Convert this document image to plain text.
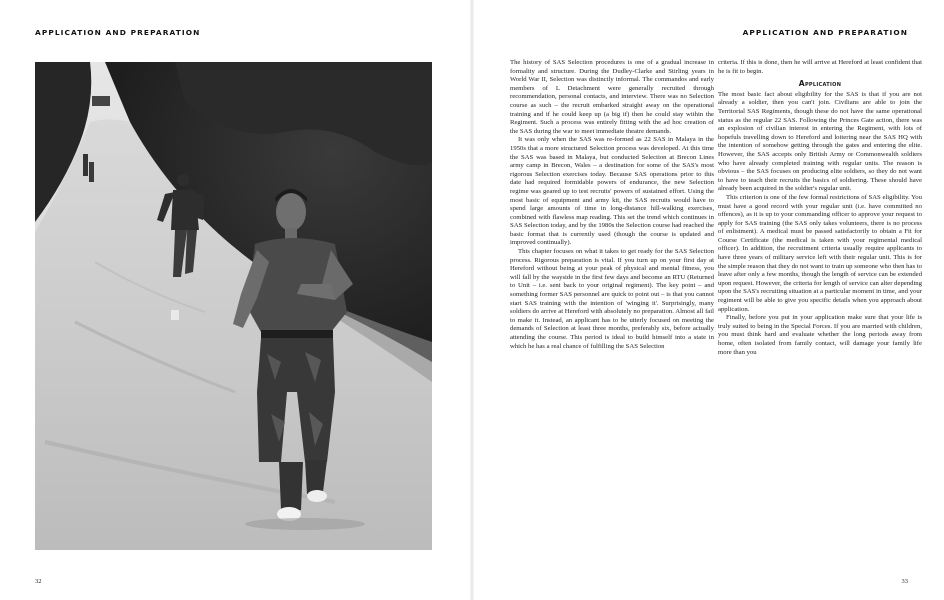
APPLICATION AND PREPARATION	APPLICATION AND PREPARATION

The history of SAS Selection procedures is one of a gradual increase in formality and structure. During the Dudley-Clarke and Stirling years in World War II, Selection was distinctly informal. The commandos and early members of L Detachment were generally recruited through recommendation, personal contacts, and interview. There was no Selection course as such – the recruit embarked straight away on the operational training and if he could keep up (a big if) then he could stay within the Regiment. Such a process was entirely fitting with the ad hoc creation of the SAS during the war to meet immediate theatre demands.

It was only when the SAS was re-formed as 22 SAS in Malaya in the 1950s that a more structured Selection process was developed. At this time the SAS was based in Malaya, but conducted Selection at Brecon Lines army camp in Brecon, Wales – a destination for some of the SAS's most rigorous Selection exercises today. Because SAS operations prior to this date had required formidable powers of endurance, the new Selection regime was geared up to test recruits' powers of sustained effort. Using the most basic of equipment and army kit, the SAS recruits would have to spend large amounts of time in long-distance hill-walking exercises, combined with flawless map reading. This set the trend which continues in SAS Selection today, and by the 1980s the Selection course had reached the basic format that is currently used (though the course is updated and improved continually).

This chapter focuses on what it takes to get ready for the SAS Selection process. Rigorous preparation is vital. If you turn up on your first day at Hereford without being at your peak of physical and mental fitness, you will fall by the wayside in the first few days and become an RTU (Returned to Unit – i.e. sent back to your original regiment). The key point – and something former SAS personnel are quick to point out – is that you cannot start SAS training with the intention of 'winging it'. Surprisingly, many soldiers do arrive at Hereford with absolutely no preparation. Almost all fail to make it. Instead, an applicant has to be utterly focused on meeting the demands of Selection at least three months, preferably six, before actually attending the course. This period is ideal to build himself into a state in which he has a real chance of fulfilling the SAS Selection

criteria. If this is done, then he will arrive at Hereford at least confident that he is fit to begin.

Application

The most basic fact about eligibility for the SAS is that if you are not already a soldier, then you can't join. Civilians are able to join the Territorial SAS Regiments, though these do not have the same operational status as the regular 22 SAS. Following the Princes Gate action, there was an explosion of civilian interest in entering the Regiment, with lots of hopefuls travelling down to Hereford and loitering near the SAS HQ with the intention of somehow getting through the gates and entering the elite. However, the SAS accepts only British Army or Commonwealth soldiers who have already completed training with regular units. The reason is obvious – the SAS focuses on producing elite soldiers, so they do not want to have to teach their recruits the basics of soldiering. These should have already been acquired in the soldier's regular unit.

This criterion is one of the few formal restrictions of SAS eligibility. You must have a good record with your regular unit (i.e. have committed no offences), as it is up to your commanding officer to approve your request to apply for SAS training (the SAS only takes volunteers, there is no process of enlistment). A medical must be passed satisfactorily to obtain a Fit for Course Certificate (the medical is taken with your regimental medical officer). In addition, the recruitment criteria usually require applicants to have three years of military service left with their regular unit. This is for the simple reason that they do not want to train up someone who then has to leave after only a few months, though the length of service can be extended upon request. However, the criteria for length of service can alter depending upon the SAS's recruiting situation at a particular moment in time, and your regiment will be able to give you specific details when you approach about application.

Finally, before you put in your application make sure that your life is truly suited to being in the Special Forces. If you are married with children, you must think hard and evaluate whether the long periods away from home, often isolated from family contact, will damage your family life more than you

32	33
